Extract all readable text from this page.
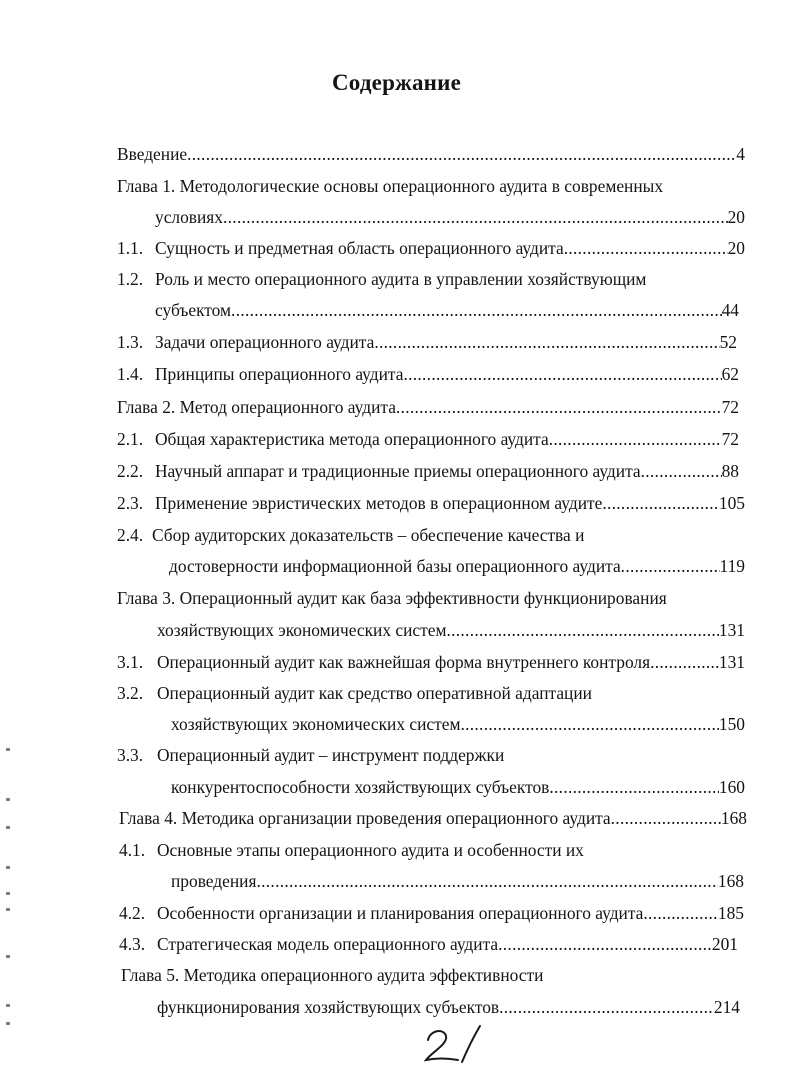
Содержание
Введение .....	4
Глава 1. Методологические основы операционного аудита в современных
условиях .....	20
1.1. Сущность и предметная область операционного аудита .....	20
1.2. Роль и место операционного аудита в управлении хозяйствующим
субъектом .....	44
1.3. Задачи операционного аудита .....	52
1.4. Принципы операционного аудита .....	62
Глава 2. Метод операционного аудита .....	72
2.1. Общая характеристика метода операционного аудита .....	72
2.2. Научный аппарат и традиционные приемы операционного аудита .....	88
2.3. Применение эвристических методов в операционном аудите .....	105
2.4. Сбор аудиторских доказательств – обеспечение качества и
достоверности информационной базы операционного аудита .....	119
Глава 3. Операционный аудит как база эффективности функционирования
хозяйствующих экономических систем .....	131
3.1. Операционный аудит как важнейшая форма внутреннего контроля .....	131
3.2. Операционный аудит как средство оперативной адаптации
хозяйствующих экономических систем .....	150
3.3. Операционный аудит – инструмент поддержки
конкурентоспособности хозяйствующих субъектов .....	160
Глава 4. Методика организации проведения операционного аудита .....	168
4.1. Основные этапы операционного аудита и особенности их
проведения .....	168
4.2. Особенности организации и планирования операционного аудита .....	185
4.3. Стратегическая модель операционного аудита .....	201
Глава 5. Методика операционного аудита эффективности
функционирования хозяйствующих субъектов .....	214
